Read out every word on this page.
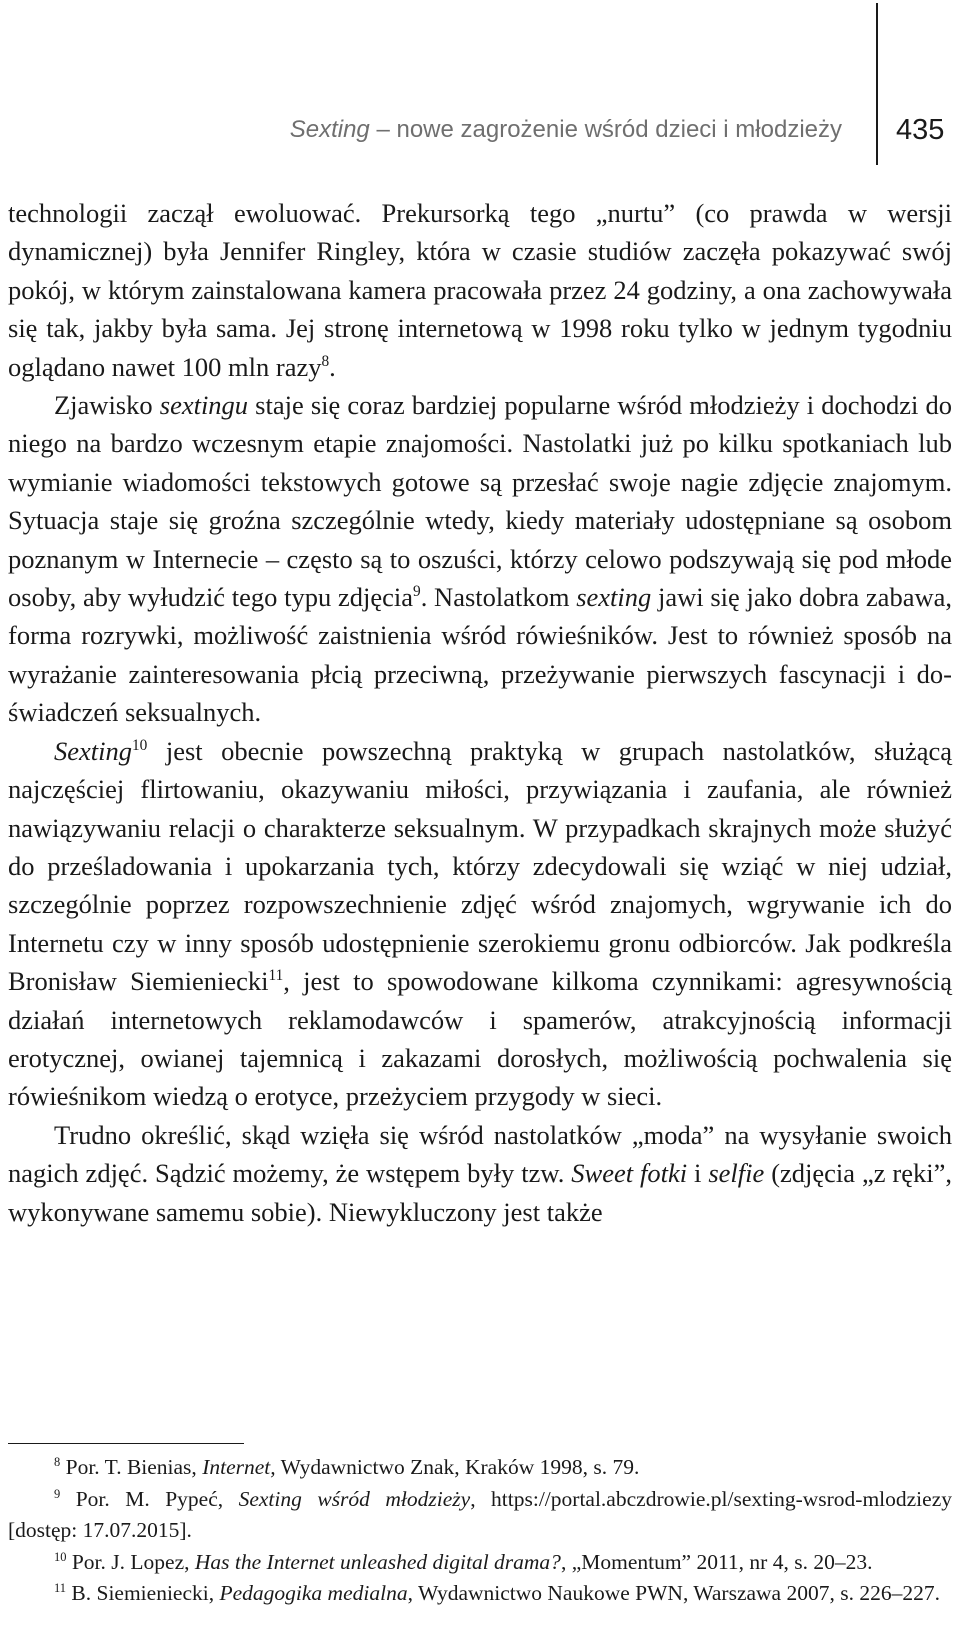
Sexting – nowe zagrożenie wśród dzieci i młodzieży 435

technologii zaczął ewoluować. Prekursorką tego „nurtu” (co prawda w wersji dynamicznej) była Jennifer Ringley, która w czasie studiów zaczęła pokazywać swój pokój, w którym zainstalowana kamera pracowała przez 24 godziny, a ona zachowywała się tak, jakby była sama. Jej stronę internetową w 1998 roku tylko w jednym tygodniu oglądano nawet 100 mln razy$^8$.

Zjawisko sextingu staje się coraz bardziej popularne wśród młodzieży i dochodzi do niego na bardzo wczesnym etapie znajomości. Nastolatki już po kilku spotkaniach lub wymianie wiadomości tekstowych gotowe są przesłać swoje nagie zdjęcie znajomym. Sytuacja staje się groźna szczególnie wtedy, kiedy materiały udostępniane są osobom poznanym w Internecie – często są to oszuści, którzy celowo podszywają się pod młode osoby, aby wyłudzić tego typu zdjęcia$^9$. Nastolatkom sexting jawi się jako dobra zabawa, forma rozrywki, możliwość zaistnienia wśród rówieśników. Jest to również sposób na wyrażanie zainteresowania płcią przeciwną, przeżywanie pierwszych fascynacji i doświadczeń seksualnych.

Sexting$^{10}$ jest obecnie powszechną praktyką w grupach nastolatków, służącą najczęściej flirtowaniu, okazywaniu miłości, przywiązania i zaufania, ale również nawiązywaniu relacji o charakterze seksualnym. W przypadkach skrajnych może służyć do prześladowania i upokarzania tych, którzy zdecydowali się wziąć w niej udział, szczególnie poprzez rozpowszechnienie zdjęć wśród znajomych, wgrywanie ich do Internetu czy w inny sposób udostępnienie szerokiemu gronu odbiorców. Jak podkreśla Bronisław Siemieniecki$^{11}$, jest to spowodowane kilkoma czynnikami: agresywnością działań internetowych reklamodawców i spamerów, atrakcyjnością informacji erotycznej, owianej tajemnicą i zakazami dorosłych, możliwością pochwalenia się rówieśnikom wiedzą o erotyce, przeżyciem przygody w sieci.

Trudno określić, skąd wzięła się wśród nastolatków „moda” na wysyłanie swoich nagich zdjęć. Sądzić możemy, że wstępem były tzw. Sweet fotki i selfie (zdjęcia „z ręki”, wykonywane samemu sobie). Niewykluczony jest także

$^8$ Por. T. Bienias, Internet, Wydawnictwo Znak, Kraków 1998, s. 79.

$^9$ Por. M. Pypeć, Sexting wśród młodzieży, https://portal.abczdrowie.pl/sexting-wsrod-mlodziezy [dostęp: 17.07.2015].

$^{10}$ Por. J. Lopez, Has the Internet unleashed digital drama?, „Momentum” 2011, nr 4, s. 20–23.

$^{11}$ B. Siemieniecki, Pedagogika medialna, Wydawnictwo Naukowe PWN, Warszawa 2007, s. 226–227.
